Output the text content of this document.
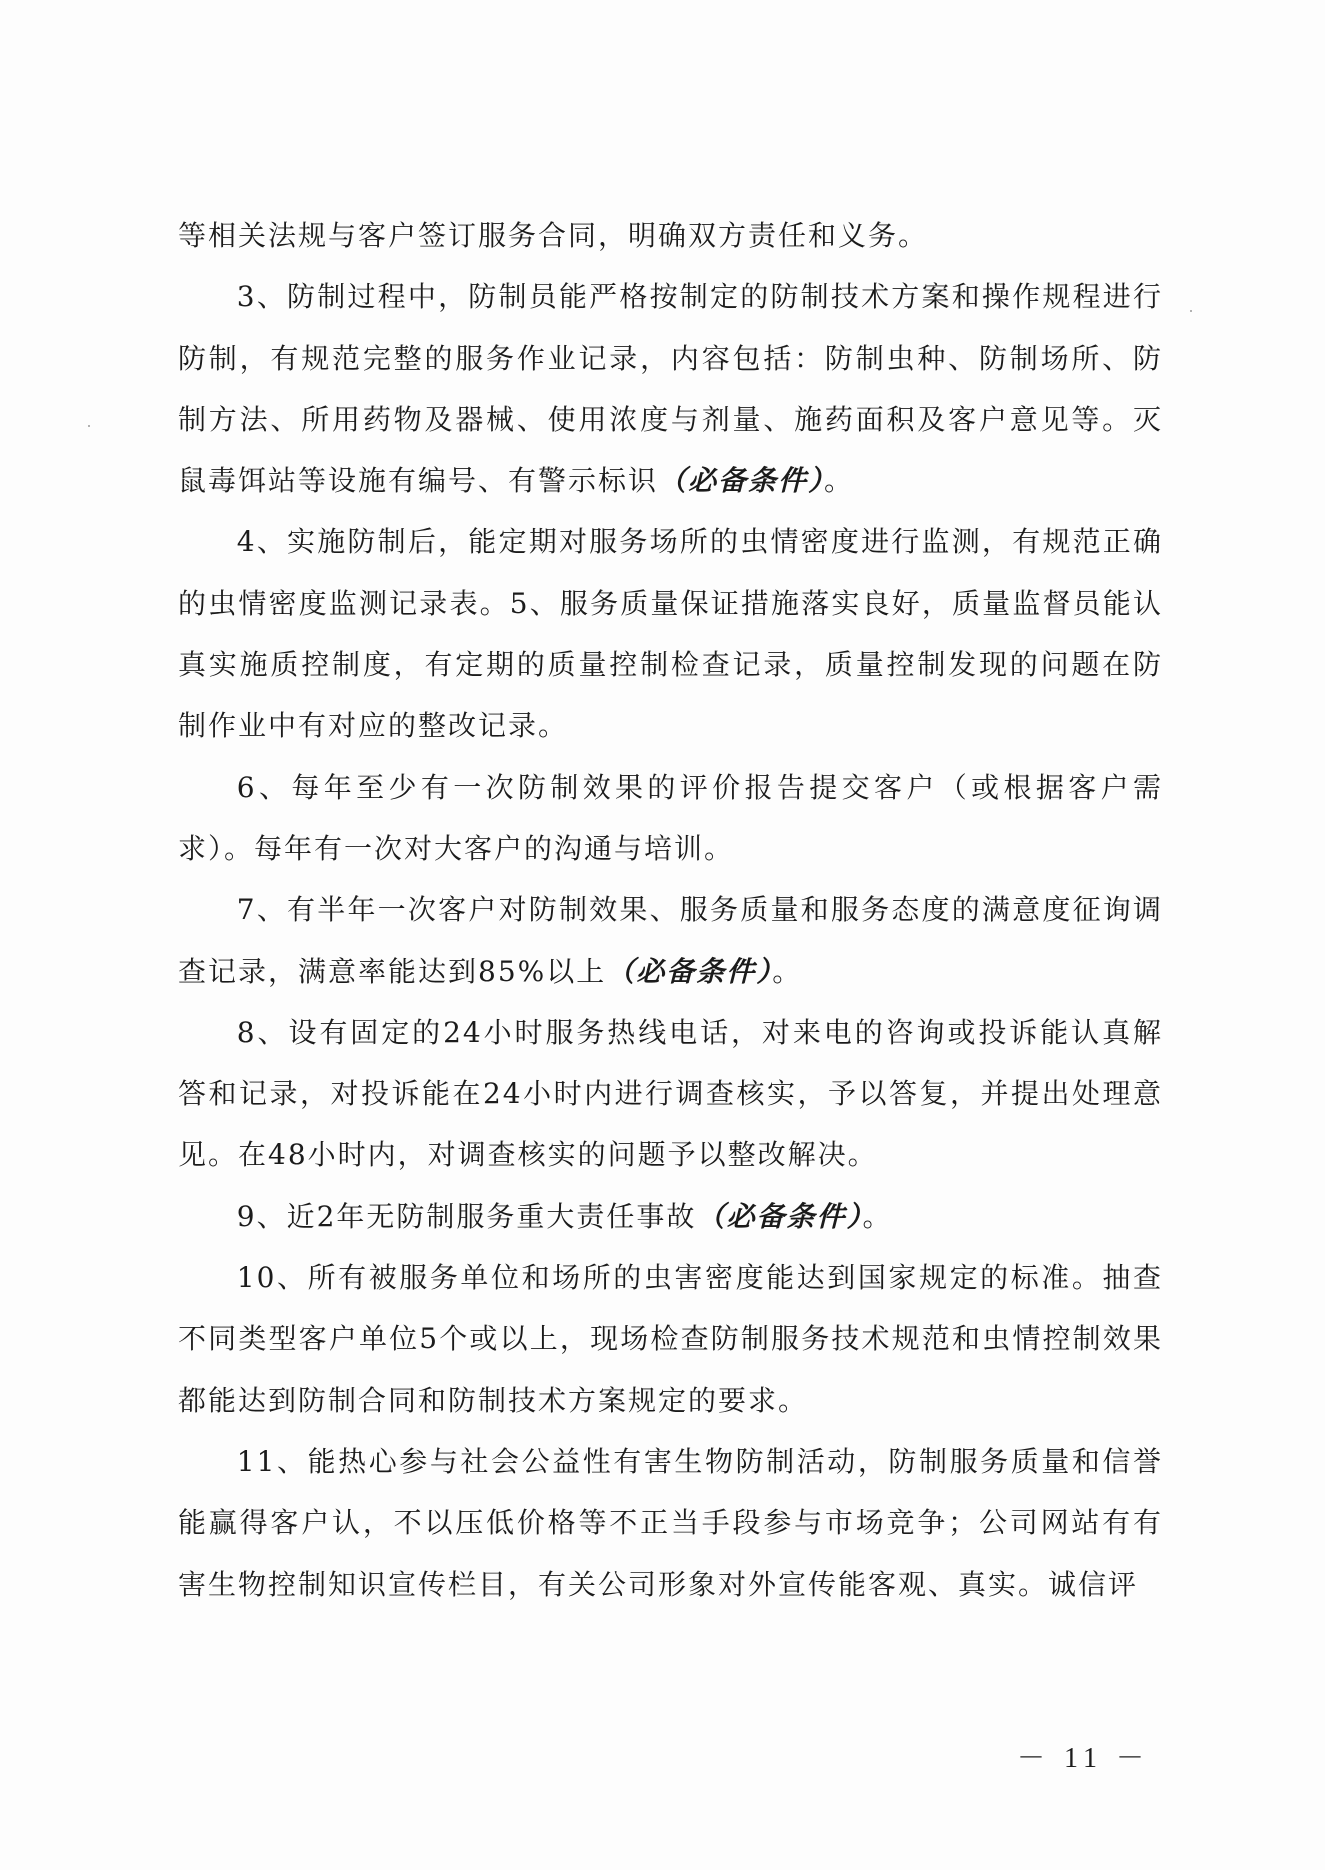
等相关法规与客户签订服务合同，明确双方责任和义务。

3、防制过程中，防制员能严格按制定的防制技术方案和操作规程进行防制，有规范完整的服务作业记录，内容包括：防制虫种、防制场所、防制方法、所用药物及器械、使用浓度与剂量、施药面积及客户意见等。灭鼠毒饵站等设施有编号、有警示标识（必备条件）。

4、实施防制后，能定期对服务场所的虫情密度进行监测，有规范正确的虫情密度监测记录表。5、服务质量保证措施落实良好，质量监督员能认真实施质控制度，有定期的质量控制检查记录，质量控制发现的问题在防制作业中有对应的整改记录。

6、每年至少有一次防制效果的评价报告提交客户（或根据客户需求）。每年有一次对大客户的沟通与培训。

7、有半年一次客户对防制效果、服务质量和服务态度的满意度征询调查记录，满意率能达到85%以上（必备条件）。

8、设有固定的24小时服务热线电话，对来电的咨询或投诉能认真解答和记录，对投诉能在24小时内进行调查核实，予以答复，并提出处理意见。在48小时内，对调查核实的问题予以整改解决。

9、近2年无防制服务重大责任事故（必备条件）。

10、所有被服务单位和场所的虫害密度能达到国家规定的标准。抽查不同类型客户单位5个或以上，现场检查防制服务技术规范和虫情控制效果都能达到防制合同和防制技术方案规定的要求。

11、能热心参与社会公益性有害生物防制活动，防制服务质量和信誉能赢得客户认，不以压低价格等不正当手段参与市场竞争；公司网站有有害生物控制知识宣传栏目，有关公司形象对外宣传能客观、真实。诚信评

－ 11 －
